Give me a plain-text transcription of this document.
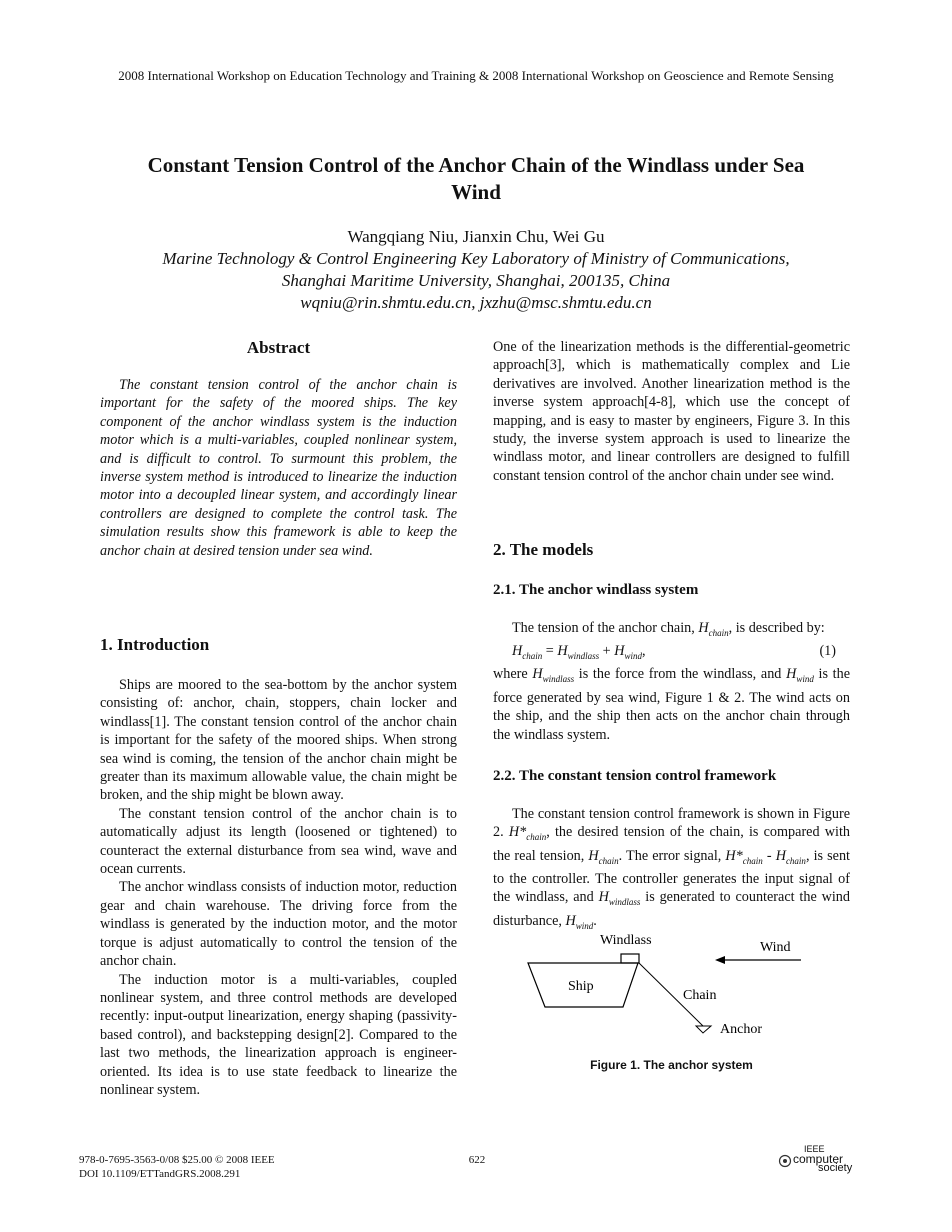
2008 International Workshop on Education Technology and Training & 2008 International Workshop on Geoscience and Remote Sensing
Constant Tension Control of the Anchor Chain of the Windlass under Sea
Wind
Wangqiang Niu, Jianxin Chu, Wei Gu
Marine Technology & Control Engineering Key Laboratory of Ministry of Communications,
Shanghai Maritime University, Shanghai, 200135, China
wqniu@rin.shmtu.edu.cn, jxzhu@msc.shmtu.edu.cn
Abstract

The constant tension control of the anchor chain is important for the safety of the moored ships. The key component of the anchor windlass system is the induction motor which is a multi-variables, coupled nonlinear system, and is difficult to control. To surmount this problem, the inverse system method is introduced to linearize the induction motor into a decoupled linear system, and accordingly linear controllers are designed to complete the control task. The simulation results show this framework is able to keep the anchor chain at desired tension under sea wind.

1. Introduction

Ships are moored to the sea-bottom by the anchor system consisting of: anchor, chain, stoppers, chain locker and windlass[1]. The constant tension control of the anchor chain is important for the safety of the moored ships. When strong sea wind is coming, the tension of the anchor chain might be greater than its maximum allowable value, the chain might be broken, and the ship might be blown away.

The constant tension control of the anchor chain is to automatically adjust its length (loosened or tightened) to counteract the external disturbance from sea wind, wave and ocean currents.

The anchor windlass consists of induction motor, reduction gear and chain warehouse. The driving force from the windlass is generated by the induction motor, and the motor torque is adjust automatically to control the tension of the anchor chain.

The induction motor is a multi-variables, coupled nonlinear system, and three control methods are developed recently: input-output linearization, energy shaping (passivity-based control), and backstepping design[2]. Compared to the last two methods, the linearization approach is engineer-oriented. Its idea is to use state feedback to linearize the nonlinear system.

One of the linearization methods is the differential-geometric approach[3], which is mathematically complex and Lie derivatives are involved. Another linearization method is the inverse system approach[4-8], which use the concept of mapping, and is easy to master by engineers, Figure 3. In this study, the inverse system approach is used to linearize the windlass motor, and linear controllers are designed to fulfill constant tension control of the anchor chain under see wind.

2. The models
2.1. The anchor windlass system

The tension of the anchor chain, $H_{chain}$, is described by:

$H_{chain} = H_{windlass} + H_{wind}$,	(1)

where $H_{windlass}$ is the force from the windlass, and $H_{wind}$ is the force generated by sea wind, Figure 1 & 2. The wind acts on the ship, and the ship then acts on the anchor chain through the windlass system.

2.2. The constant tension control framework

The constant tension control framework is shown in Figure 2. $H*_{chain}$, the desired tension of the chain, is compared with the real tension, $H_{chain}$. The error signal, $H*_{chain} - H_{chain}$, is sent to the controller. The controller generates the input signal of the windlass, and $H_{windlass}$ is generated to counteract the wind disturbance, $H_{wind}$.

Windlass	Wind
Ship
Chain
Anchor
Figure 1. The anchor system
978-0-7695-3563-0/08 $25.00 © 2008 IEEE
DOI 10.1109/ETTandGRS.2008.291
622
IEEE
computer
society
